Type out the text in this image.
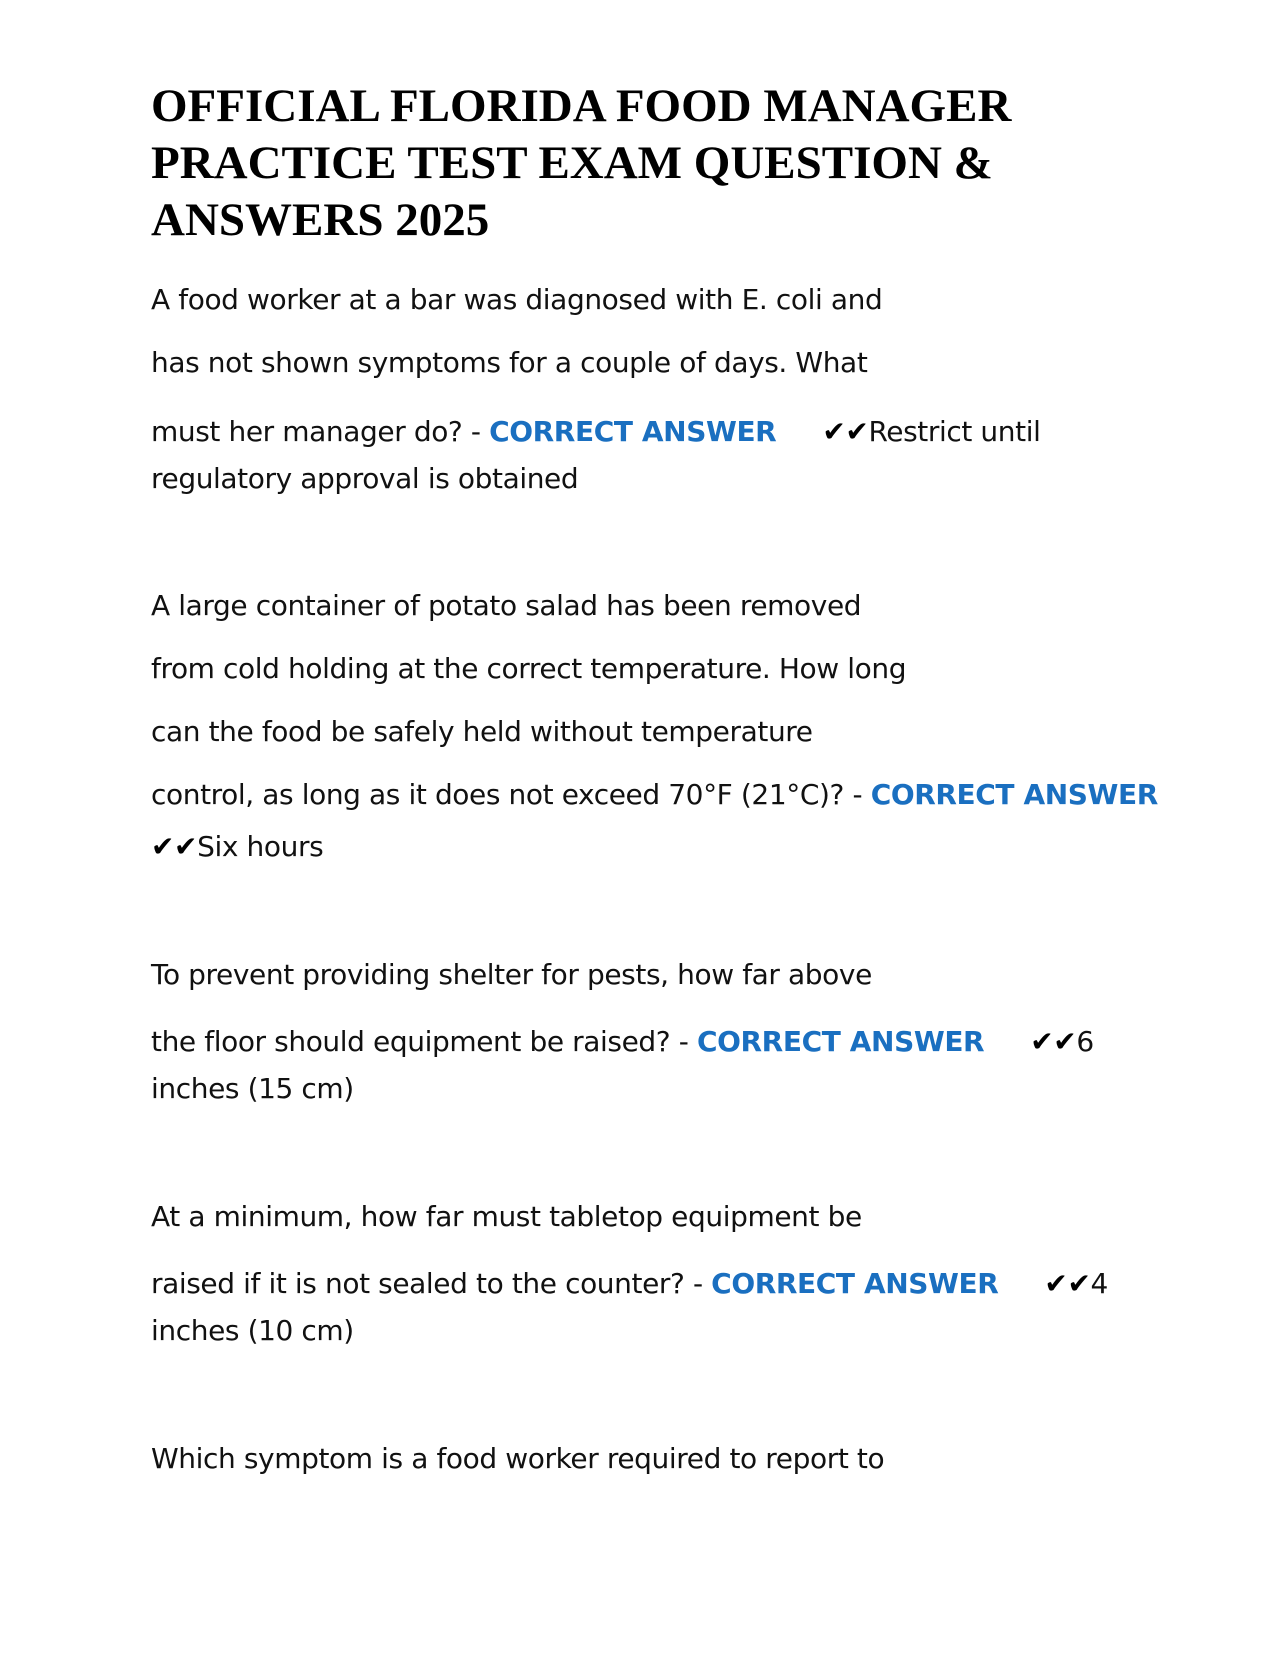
OFFICIAL FLORIDA FOOD MANAGER PRACTICE TEST EXAM QUESTION & ANSWERS 2025

A food worker at a bar was diagnosed with E. coli and

has not shown symptoms for a couple of days. What

must her manager do? - CORRECT ANSWER ✔✔Restrict until

regulatory approval is obtained

A large container of potato salad has been removed

from cold holding at the correct temperature. How long

can the food be safely held without temperature

control, as long as it does not exceed 70°F (21°C)? - CORRECT ANSWER

✔✔Six hours

To prevent providing shelter for pests, how far above

the floor should equipment be raised? - CORRECT ANSWER ✔✔6

inches (15 cm)

At a minimum, how far must tabletop equipment be

raised if it is not sealed to the counter? - CORRECT ANSWER ✔✔4

inches (10 cm)

Which symptom is a food worker required to report to
